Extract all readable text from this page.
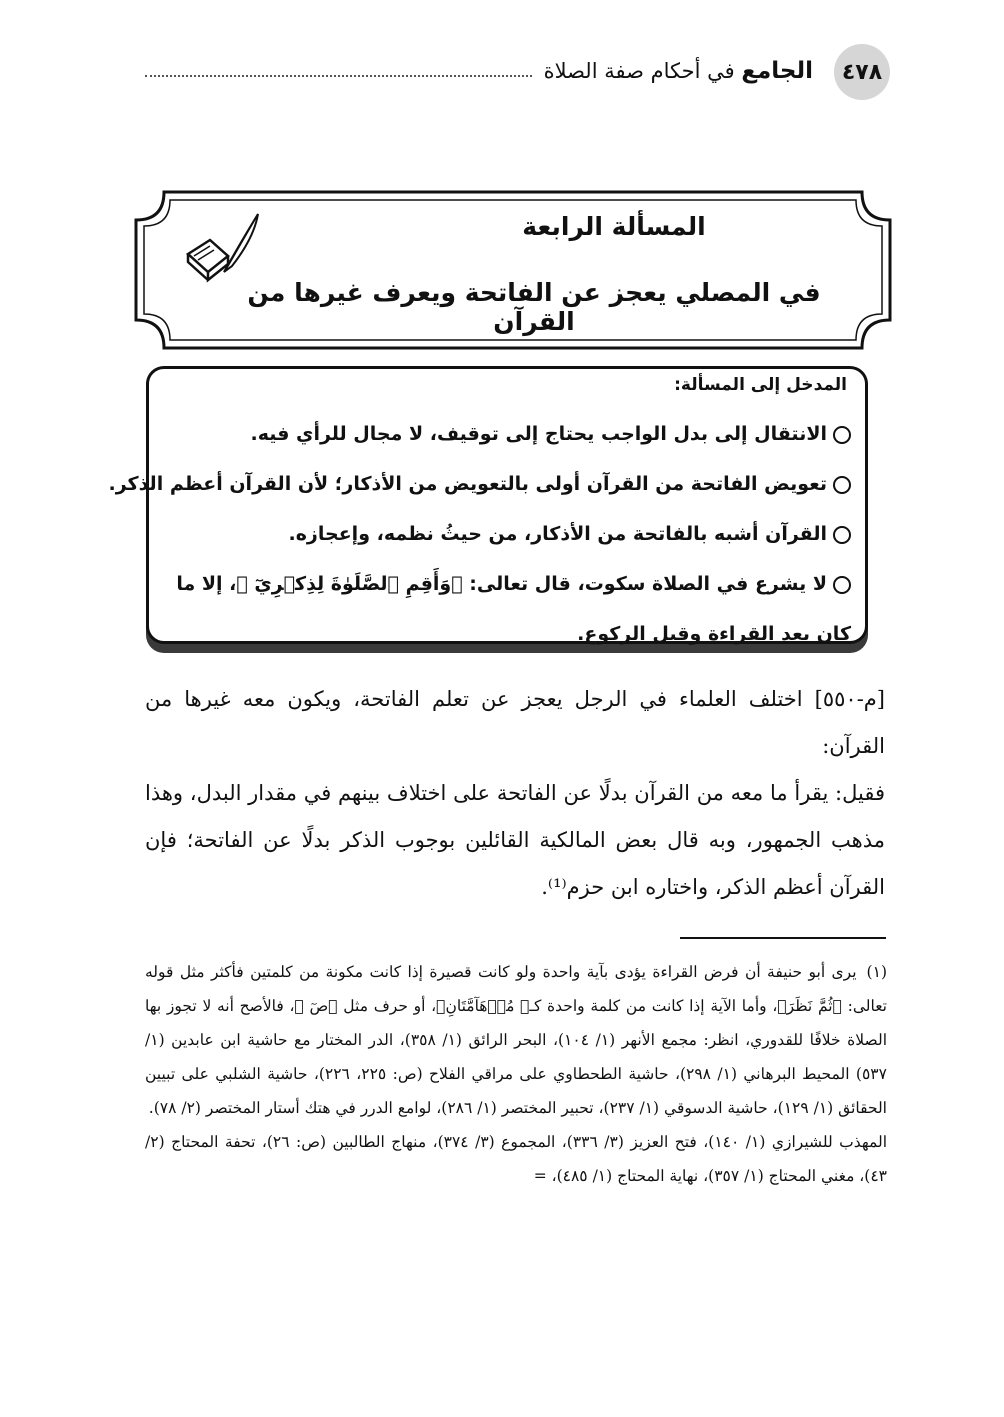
٤٧٨
الجامع في أحكام صفة الصلاة
المسألة الرابعة
في المصلي يعجز عن الفاتحة ويعرف غيرها من القرآن
المدخل إلى المسألة:
الانتقال إلى بدل الواجب يحتاج إلى توقيف، لا مجال للرأي فيه.
تعويض الفاتحة من القرآن أولى بالتعويض من الأذكار؛ لأن القرآن أعظم الذكر.
القرآن أشبه بالفاتحة من الأذكار، من حيثُ نظمه، وإعجازه.
لا يشرع في الصلاة سكوت، قال تعالى: ﴿وَأَقِمِ ٱلصَّلَوٰةَ لِذِكۡرِيٓ ﴾، إلا ما كان بعد القراءة وقبل الركوع.

[م-٥٥٠] اختلف العلماء في الرجل يعجز عن تعلم الفاتحة، ويكون معه غيرها من القرآن:

فقيل: يقرأ ما معه من القرآن بدلًا عن الفاتحة على اختلاف بينهم في مقدار البدل، وهذا مذهب الجمهور، وبه قال بعض المالكية القائلين بوجوب الذكر بدلًا عن الفاتحة؛ فإن القرآن أعظم الذكر، واختاره ابن حزم⁽¹⁾.

(١)يرى أبو حنيفة أن فرض القراءة يؤدى بآية واحدة ولو كانت قصيرة إذا كانت مكونة من كلمتين فأكثر مثل قوله تعالى: ﴿ثُمَّ نَظَرَ﴾، وأما الآية إذا كانت من كلمة واحدة كـ﴿ مُدۡهَآمَّتَانِ﴾، أو حرف مثل ﴿صٓ ﴾، فالأصح أنه لا تجوز بها الصلاة خلافًا للقدوري، انظر: مجمع الأنهر (١/ ١٠٤)، البحر الرائق (١/ ٣٥٨)، الدر المختار مع حاشية ابن عابدين (١/ ٥٣٧) المحيط البرهاني (١/ ٢٩٨)، حاشية الطحطاوي على مراقي الفلاح (ص: ٢٢٥، ٢٢٦)، حاشية الشلبي على تبيين الحقائق (١/ ١٢٩)، حاشية الدسوقي (١/ ٢٣٧)، تحبير المختصر (١/ ٢٨٦)، لوامع الدرر في هتك أستار المختصر (٢/ ٧٨).

المهذب للشيرازي (١/ ١٤٠)، فتح العزيز (٣/ ٣٣٦)، المجموع (٣/ ٣٧٤)، منهاج الطالبين (ص: ٢٦)، تحفة المحتاج (٢/ ٤٣)، مغني المحتاج (١/ ٣٥٧)، نهاية المحتاج (١/ ٤٨٥)، =
